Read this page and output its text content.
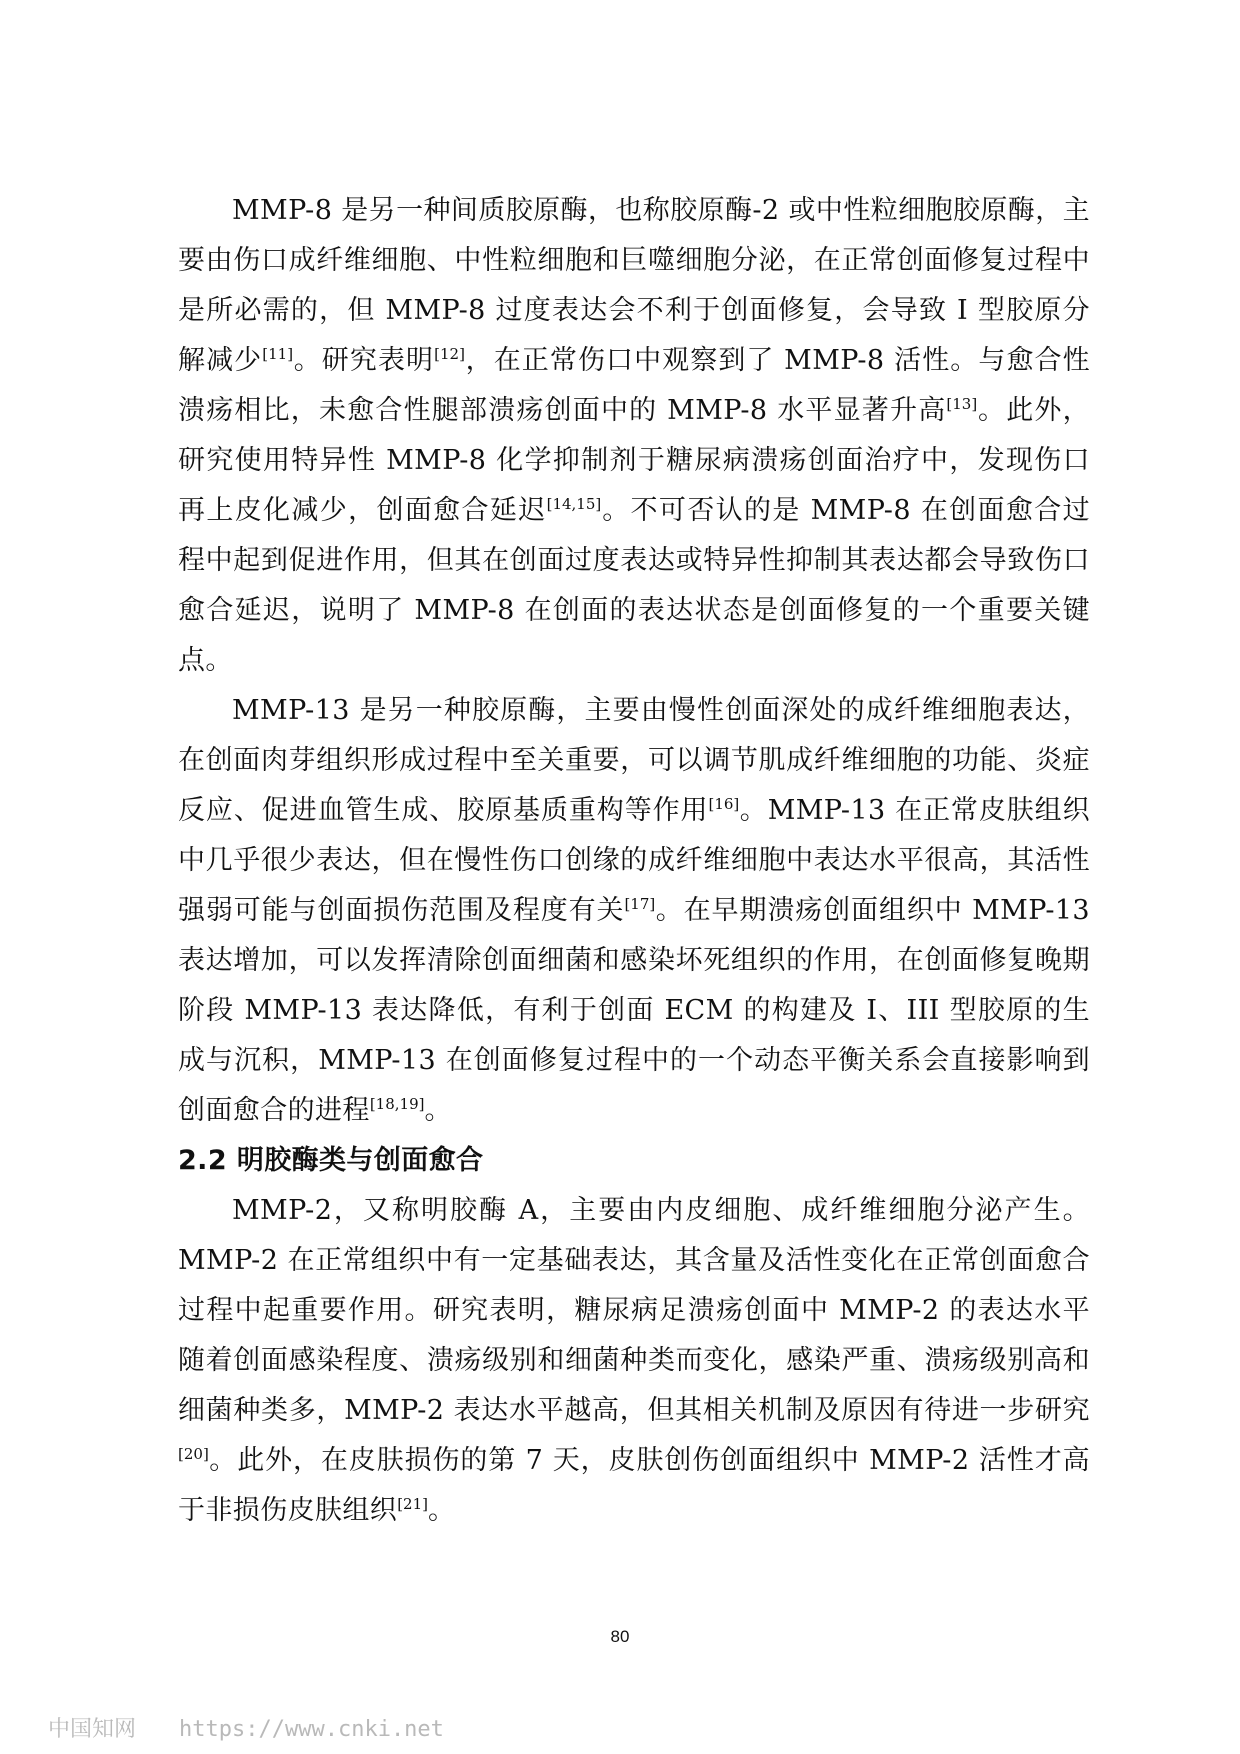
MMP-8 是另一种间质胶原酶，也称胶原酶-2 或中性粒细胞胶原酶，主要由伤口成纤维细胞、中性粒细胞和巨噬细胞分泌，在正常创面修复过程中是所必需的，但 MMP-8 过度表达会不利于创面修复，会导致 I 型胶原分解减少[11]。研究表明[12]，在正常伤口中观察到了 MMP-8 活性。与愈合性溃疡相比，未愈合性腿部溃疡创面中的 MMP-8 水平显著升高[13]。此外，研究使用特异性 MMP-8 化学抑制剂于糖尿病溃疡创面治疗中，发现伤口再上皮化减少，创面愈合延迟[14,15]。不可否认的是 MMP-8 在创面愈合过程中起到促进作用，但其在创面过度表达或特异性抑制其表达都会导致伤口愈合延迟，说明了 MMP-8 在创面的表达状态是创面修复的一个重要关键点。

MMP-13 是另一种胶原酶，主要由慢性创面深处的成纤维细胞表达，在创面肉芽组织形成过程中至关重要，可以调节肌成纤维细胞的功能、炎症反应、促进血管生成、胶原基质重构等作用[16]。MMP-13 在正常皮肤组织中几乎很少表达，但在慢性伤口创缘的成纤维细胞中表达水平很高，其活性强弱可能与创面损伤范围及程度有关[17]。在早期溃疡创面组织中 MMP-13 表达增加，可以发挥清除创面细菌和感染坏死组织的作用，在创面修复晚期阶段 MMP-13 表达降低，有利于创面 ECM 的构建及 I、III 型胶原的生成与沉积，MMP-13 在创面修复过程中的一个动态平衡关系会直接影响到创面愈合的进程[18,19]。

2.2 明胶酶类与创面愈合

MMP-2，又称明胶酶 A，主要由内皮细胞、成纤维细胞分泌产生。MMP-2 在正常组织中有一定基础表达，其含量及活性变化在正常创面愈合过程中起重要作用。研究表明，糖尿病足溃疡创面中 MMP-2 的表达水平随着创面感染程度、溃疡级别和细菌种类而变化，感染严重、溃疡级别高和细菌种类多，MMP-2 表达水平越高，但其相关机制及原因有待进一步研究[20]。此外，在皮肤损伤的第 7 天，皮肤创伤创面组织中 MMP-2 活性才高于非损伤皮肤组织[21]。

80
中国知网 https://www.cnki.net
